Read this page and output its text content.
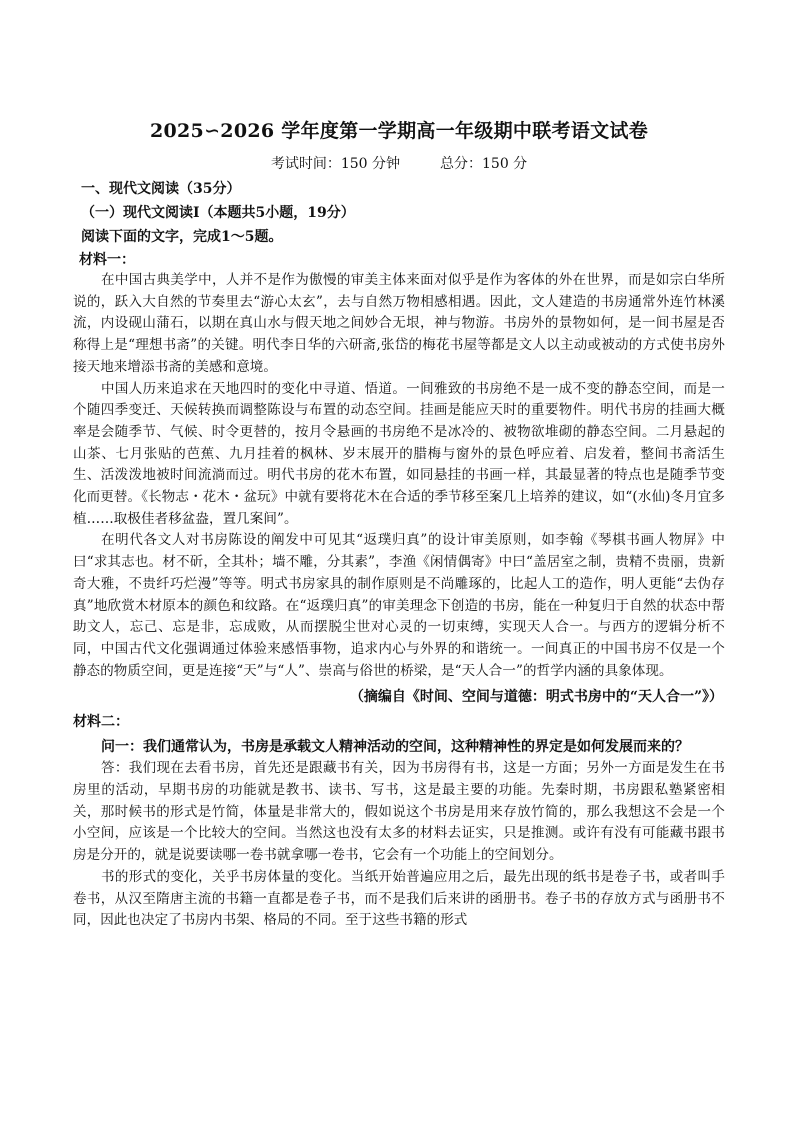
2025∽2026 学年度第一学期高一年级期中联考语文试卷
考试时间：150 分钟	总分：150 分
一、现代文阅读（35分）
（一）现代文阅读Ⅰ（本题共5小题，19分）
阅读下面的文字，完成1～5题。
材料一：

在中国古典美学中，人并不是作为傲慢的审美主体来面对似乎是作为客体的外在世界，而是如宗白华所说的，跃入大自然的节奏里去“游心太玄”，去与自然万物相感相遇。因此，文人建造的书房通常外连竹林溪流，内设砚山蒲石，以期在真山水与假天地之间妙合无垠，神与物游。书房外的景物如何，是一间书屋是否称得上是“理想书斋”的关键。明代李日华的六研斋,张岱的梅花书屋等都是文人以主动或被动的方式使书房外接天地来增添书斋的美感和意境。

中国人历来追求在天地四时的变化中寻道、悟道。一间雅致的书房绝不是一成不变的静态空间，而是一个随四季变迁、天候转换而调整陈设与布置的动态空间。挂画是能应天时的重要物件。明代书房的挂画大概率是会随季节、气候、时令更替的，按月令悬画的书房绝不是冰冷的、被物欲堆砌的静态空间。二月悬起的山茶、七月张贴的芭蕉、九月挂着的枫林、岁末展开的腊梅与窗外的景色呼应着、启发着，整间书斋活生生、活泼泼地被时间流淌而过。明代书房的花木布置，如同悬挂的书画一样，其最显著的特点也是随季节变化而更替。《长物志・花木・盆玩》中就有要将花木在合适的季节移至案几上培养的建议，如“(水仙)冬月宜多植……取极佳者移盆盎，置几案间”。

在明代各文人对书房陈设的阐发中可见其“返璞归真”的设计审美原则，如李翰《琴棋书画人物屏》中曰“求其志也。材不斫，全其朴；墙不雕，分其素”，李渔《闲情偶寄》中曰“盖居室之制，贵精不贵丽，贵新奇大雅，不贵纤巧烂漫”等等。明式书房家具的制作原则是不尚雕琢的，比起人工的造作，明人更能“去伪存真”地欣赏木材原本的颜色和纹路。在“返璞归真”的审美理念下创造的书房，能在一种复归于自然的状态中帮助文人，忘己、忘是非，忘成败，从而摆脱尘世对心灵的一切束缚，实现天人合一。与西方的逻辑分析不同，中国古代文化强调通过体验来感悟事物，追求内心与外界的和谐统一。一间真正的中国书房不仅是一个静态的物质空间，更是连接“天”与“人”、崇高与俗世的桥梁，是“天人合一”的哲学内涵的具象体现。

（摘编自《时间、空间与道德：明式书房中的“天人合一”》）
材料二：

问一：我们通常认为，书房是承载文人精神活动的空间，这种精神性的界定是如何发展而来的？

答：我们现在去看书房，首先还是跟藏书有关，因为书房得有书，这是一方面；另外一方面是发生在书房里的活动，早期书房的功能就是教书、读书、写书，这是最主要的功能。先秦时期，书房跟私塾紧密相关，那时候书的形式是竹简，体量是非常大的，假如说这个书房是用来存放竹简的，那么我想这不会是一个小空间，应该是一个比较大的空间。当然这也没有太多的材料去证实，只是推测。或许有没有可能藏书跟书房是分开的，就是说要读哪一卷书就拿哪一卷书，它会有一个功能上的空间划分。

书的形式的变化，关乎书房体量的变化。当纸开始普遍应用之后，最先出现的纸书是卷子书，或者叫手卷书，从汉至隋唐主流的书籍一直都是卷子书，而不是我们后来讲的函册书。卷子书的存放方式与函册书不同，因此也决定了书房内书架、格局的不同。至于这些书籍的形式
